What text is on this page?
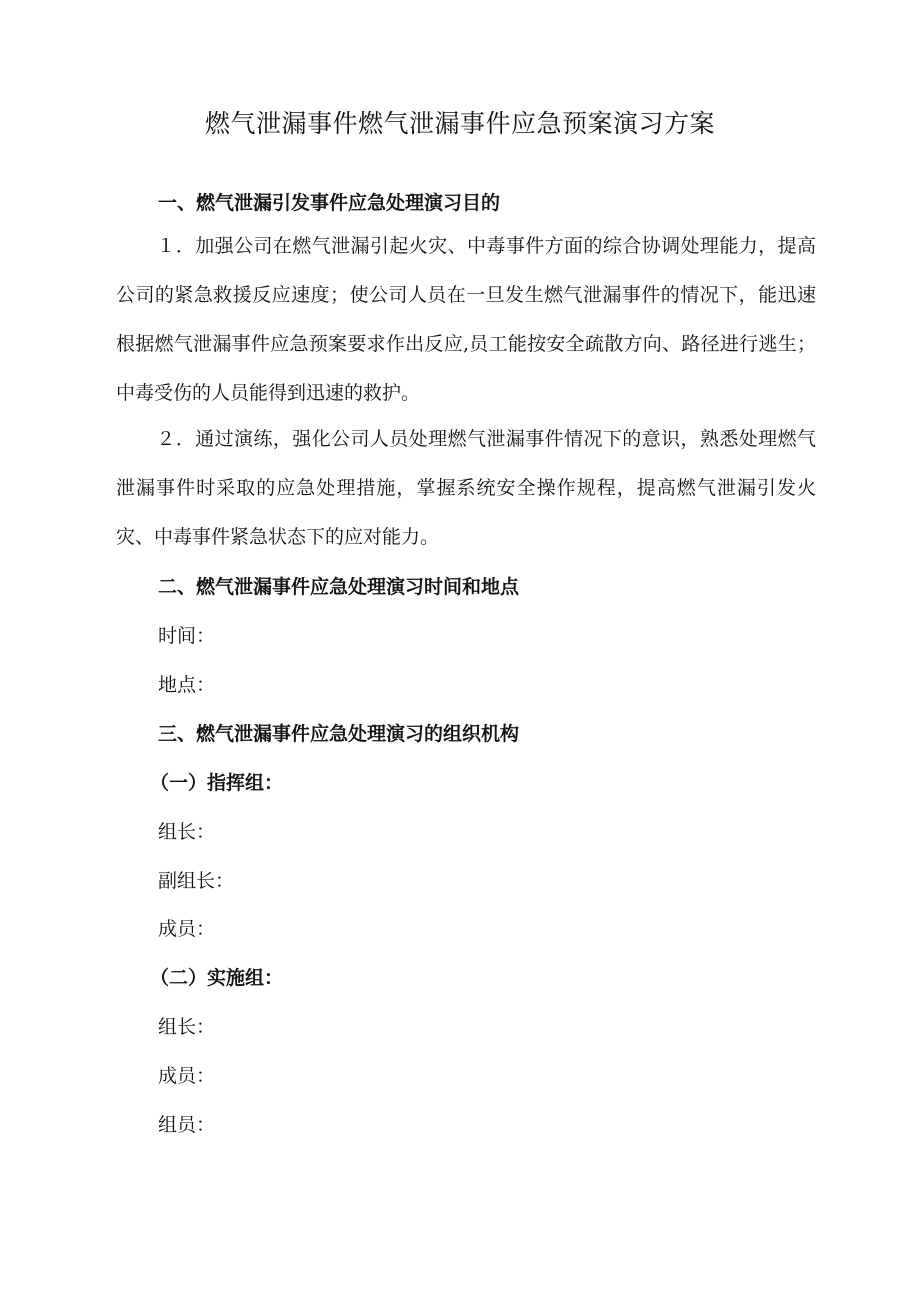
燃气泄漏事件燃气泄漏事件应急预案演习方案
一、燃气泄漏引发事件应急处理演习目的
１．加强公司在燃气泄漏引起火灾、中毒事件方面的综合协调处理能力，提高公司的紧急救援反应速度；使公司人员在一旦发生燃气泄漏事件的情况下，能迅速根据燃气泄漏事件应急预案要求作出反应,员工能按安全疏散方向、路径进行逃生；中毒受伤的人员能得到迅速的救护。
２．通过演练，强化公司人员处理燃气泄漏事件情况下的意识，熟悉处理燃气泄漏事件时采取的应急处理措施，掌握系统安全操作规程，提高燃气泄漏引发火灾、中毒事件紧急状态下的应对能力。
二、燃气泄漏事件应急处理演习时间和地点
时间：
地点：
三、燃气泄漏事件应急处理演习的组织机构
（一）指挥组：
组长：
副组长：
成员：
（二）实施组：
组长：
成员：
组员：
